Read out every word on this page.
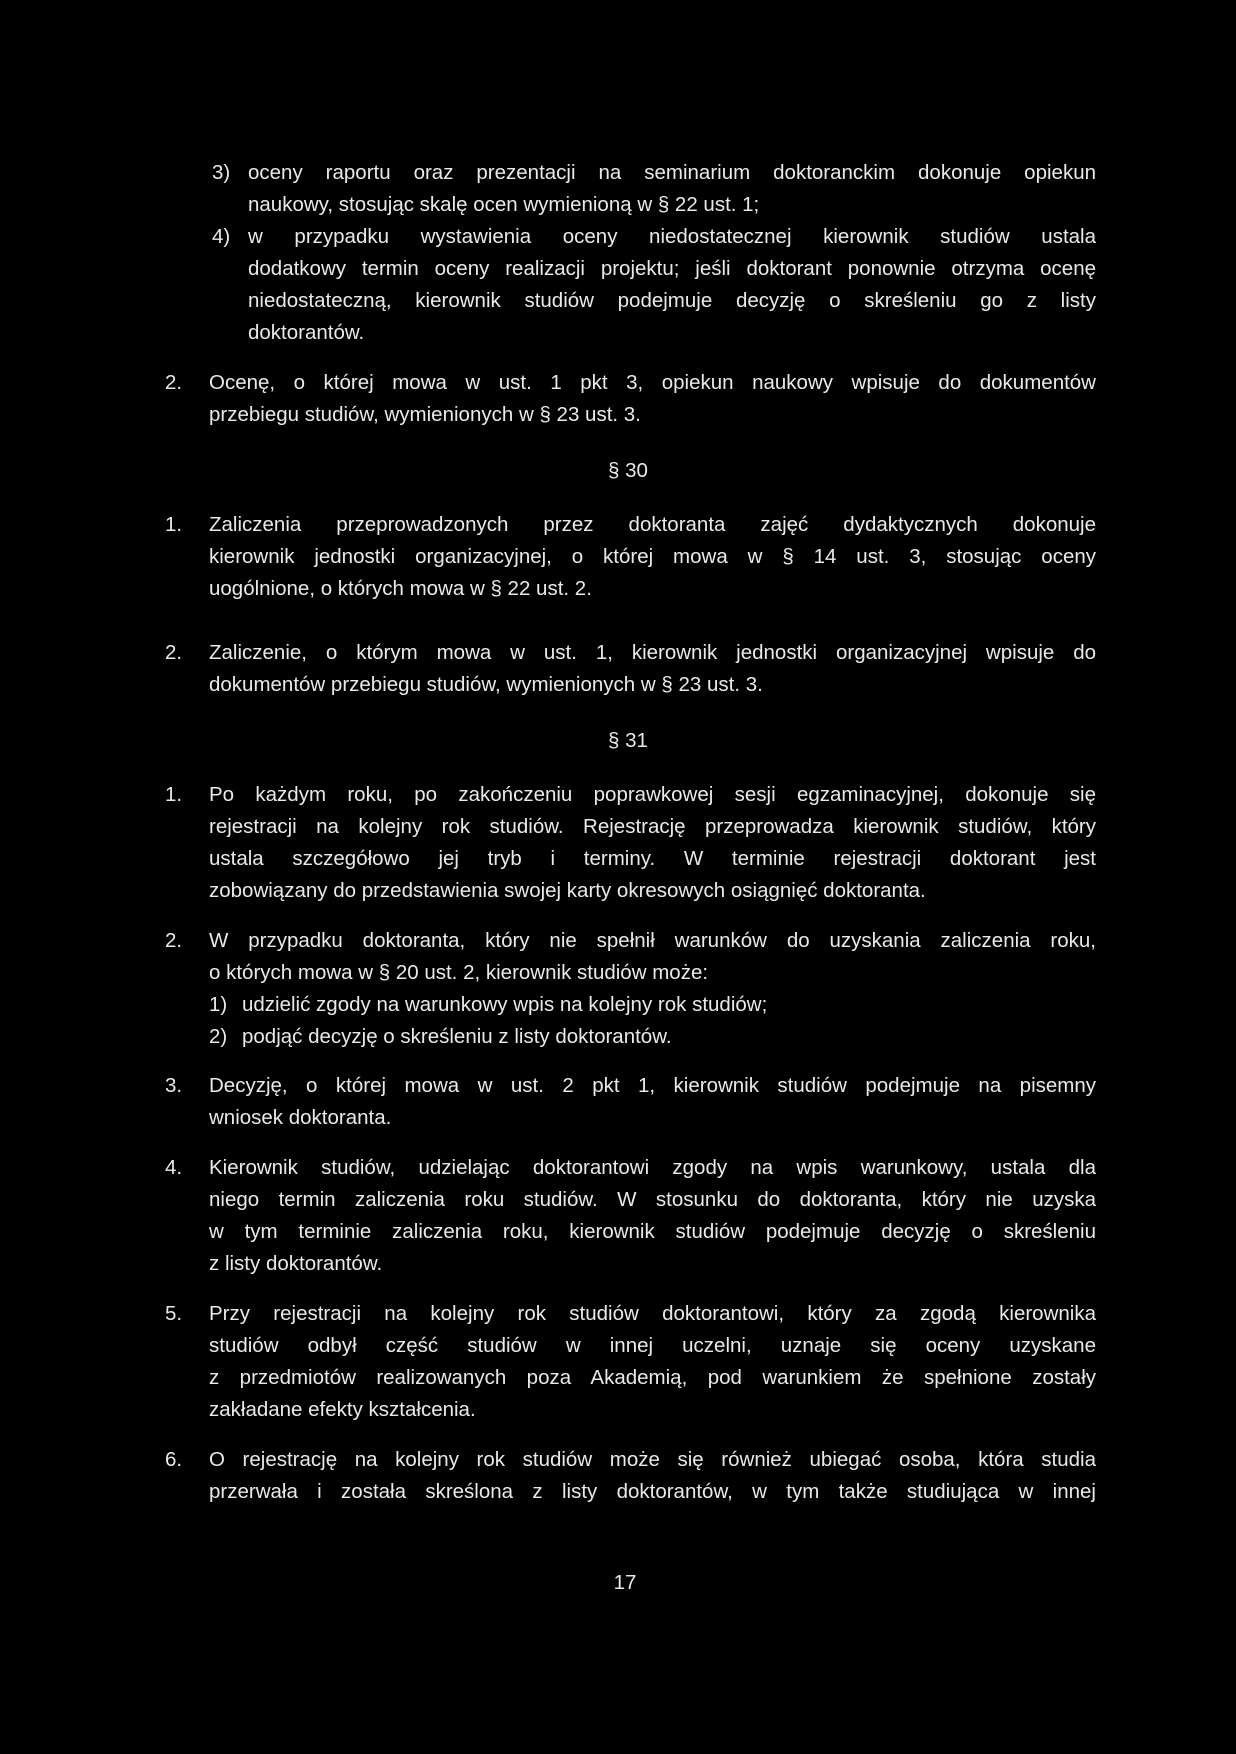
3) oceny raportu oraz prezentacji na seminarium doktoranckim dokonuje opiekun
naukowy, stosując skalę ocen wymienioną w § 22 ust. 1;
4) w przypadku wystawienia oceny niedostatecznej kierownik studiów ustala
dodatkowy termin oceny realizacji projektu; jeśli doktorant ponownie otrzyma ocenę
niedostateczną, kierownik studiów podejmuje decyzję o skreśleniu go z listy
doktorantów.
2. Ocenę, o której mowa w ust. 1 pkt 3, opiekun naukowy wpisuje do dokumentów
przebiegu studiów, wymienionych w § 23 ust. 3.
§ 30
1. Zaliczenia przeprowadzonych przez doktoranta zajęć dydaktycznych dokonuje
kierownik jednostki organizacyjnej, o której mowa w § 14 ust. 3, stosując oceny
uogólnione, o których mowa w § 22 ust. 2.
2. Zaliczenie, o którym mowa w ust. 1, kierownik jednostki organizacyjnej wpisuje do
dokumentów przebiegu studiów, wymienionych w § 23 ust. 3.
§ 31
1. Po każdym roku, po zakończeniu poprawkowej sesji egzaminacyjnej, dokonuje się
rejestracji na kolejny rok studiów. Rejestrację przeprowadza kierownik studiów, który
ustala szczegółowo jej tryb i terminy. W terminie rejestracji doktorant jest
zobowiązany do przedstawienia swojej karty okresowych osiągnięć doktoranta.
2. W przypadku doktoranta, który nie spełnił warunków do uzyskania zaliczenia roku,
o których mowa w § 20 ust. 2, kierownik studiów może:
1) udzielić zgody na warunkowy wpis na kolejny rok studiów;
2) podjąć decyzję o skreśleniu z listy doktorantów.
3. Decyzję, o której mowa w ust. 2 pkt 1, kierownik studiów podejmuje na pisemny
wniosek doktoranta.
4. Kierownik studiów, udzielając doktorantowi zgody na wpis warunkowy, ustala dla
niego termin zaliczenia roku studiów. W stosunku do doktoranta, który nie uzyska
w tym terminie zaliczenia roku, kierownik studiów podejmuje decyzję o skreśleniu
z listy doktorantów.
5. Przy rejestracji na kolejny rok studiów doktorantowi, który za zgodą kierownika
studiów odbył część studiów w innej uczelni, uznaje się oceny uzyskane
z przedmiotów realizowanych poza Akademią, pod warunkiem że spełnione zostały
zakładane efekty kształcenia.
6. O rejestrację na kolejny rok studiów może się również ubiegać osoba, która studia
przerwała i została skreślona z listy doktorantów, w tym także studiująca w innej
17
